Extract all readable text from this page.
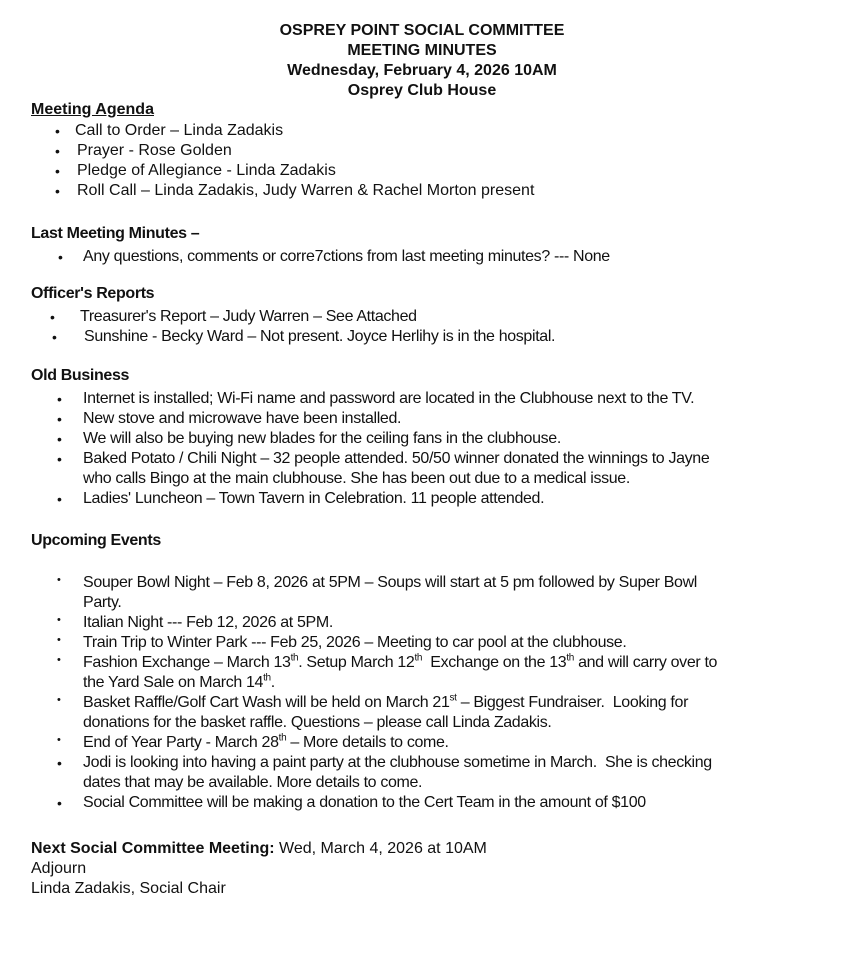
OSPREY POINT SOCIAL COMMITTEE
MEETING MINUTES
Wednesday, February 4, 2026 10AM
Osprey Club House
Meeting Agenda
• Call to Order – Linda Zadakis
• Prayer - Rose Golden
• Pledge of Allegiance - Linda Zadakis
• Roll Call – Linda Zadakis, Judy Warren & Rachel Morton present
Last Meeting Minutes –
• Any questions, comments or corre7ctions from last meeting minutes? --- None
Officer's Reports
• Treasurer's Report – Judy Warren – See Attached
• Sunshine - Becky Ward – Not present. Joyce Herlihy is in the hospital.
Old Business
• Internet is installed; Wi-Fi name and password are located in the Clubhouse next to the TV.
• New stove and microwave have been installed.
• We will also be buying new blades for the ceiling fans in the clubhouse.
• Baked Potato / Chili Night – 32 people attended. 50/50 winner donated the winnings to Jayne
who calls Bingo at the main clubhouse. She has been out due to a medical issue.
• Ladies' Luncheon – Town Tavern in Celebration. 11 people attended.
Upcoming Events
• Souper Bowl Night – Feb 8, 2026 at 5PM – Soups will start at 5 pm followed by Super Bowl
Party.
• Italian Night --- Feb 12, 2026 at 5PM.
• Train Trip to Winter Park --- Feb 25, 2026 – Meeting to car pool at the clubhouse.
• Fashion Exchange – March 13th. Setup March 12th  Exchange on the 13th and will carry over to
the Yard Sale on March 14th.
• Basket Raffle/Golf Cart Wash will be held on March 21st – Biggest Fundraiser.  Looking for
donations for the basket raffle. Questions – please call Linda Zadakis.
• End of Year Party - March 28th – More details to come.
• Jodi is looking into having a paint party at the clubhouse sometime in March.  She is checking
dates that may be available. More details to come.
• Social Committee will be making a donation to the Cert Team in the amount of $100
Next Social Committee Meeting: Wed, March 4, 2026 at 10AM
Adjourn
Linda Zadakis, Social Chair
